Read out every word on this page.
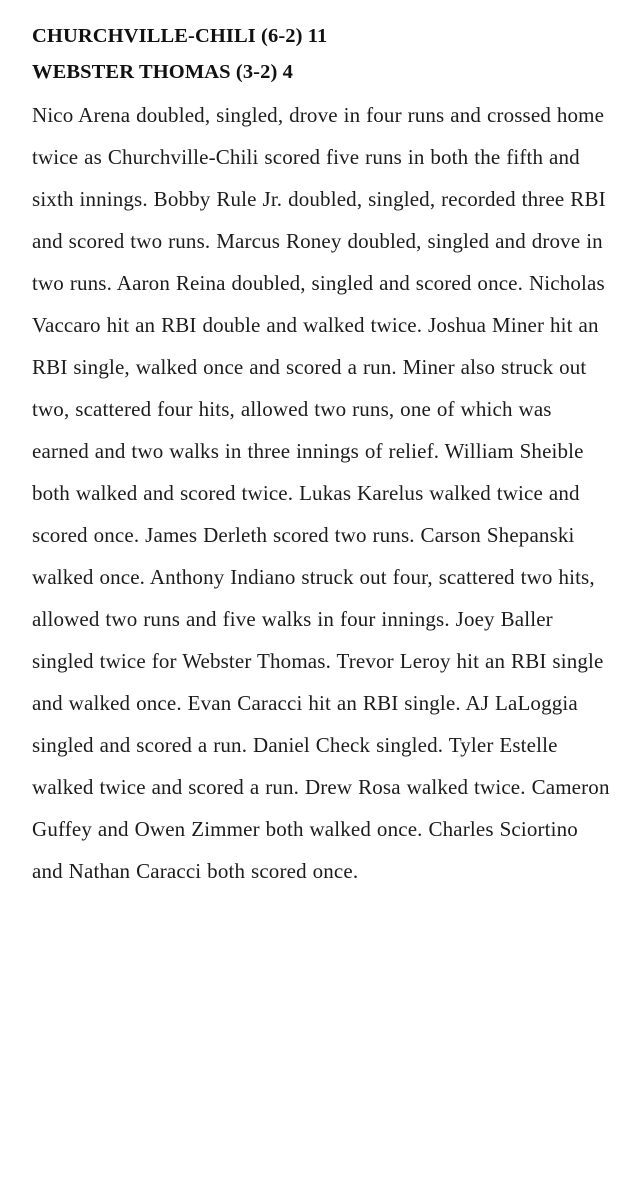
CHURCHVILLE-CHILI (6-2) 11
WEBSTER THOMAS (3-2) 4

Nico Arena doubled, singled, drove in four runs and crossed home twice as Churchville-Chili scored five runs in both the fifth and sixth innings. Bobby Rule Jr. doubled, singled, recorded three RBI and scored two runs. Marcus Roney doubled, singled and drove in two runs. Aaron Reina doubled, singled and scored once. Nicholas Vaccaro hit an RBI double and walked twice. Joshua Miner hit an RBI single, walked once and scored a run. Miner also struck out two, scattered four hits, allowed two runs, one of which was earned and two walks in three innings of relief. William Sheible both walked and scored twice. Lukas Karelus walked twice and scored once. James Derleth scored two runs. Carson Shepanski walked once. Anthony Indiano struck out four, scattered two hits, allowed two runs and five walks in four innings. Joey Baller singled twice for Webster Thomas. Trevor Leroy hit an RBI single and walked once. Evan Caracci hit an RBI single. AJ LaLoggia singled and scored a run. Daniel Check singled. Tyler Estelle walked twice and scored a run. Drew Rosa walked twice. Cameron Guffey and Owen Zimmer both walked once. Charles Sciortino and Nathan Caracci both scored once.
